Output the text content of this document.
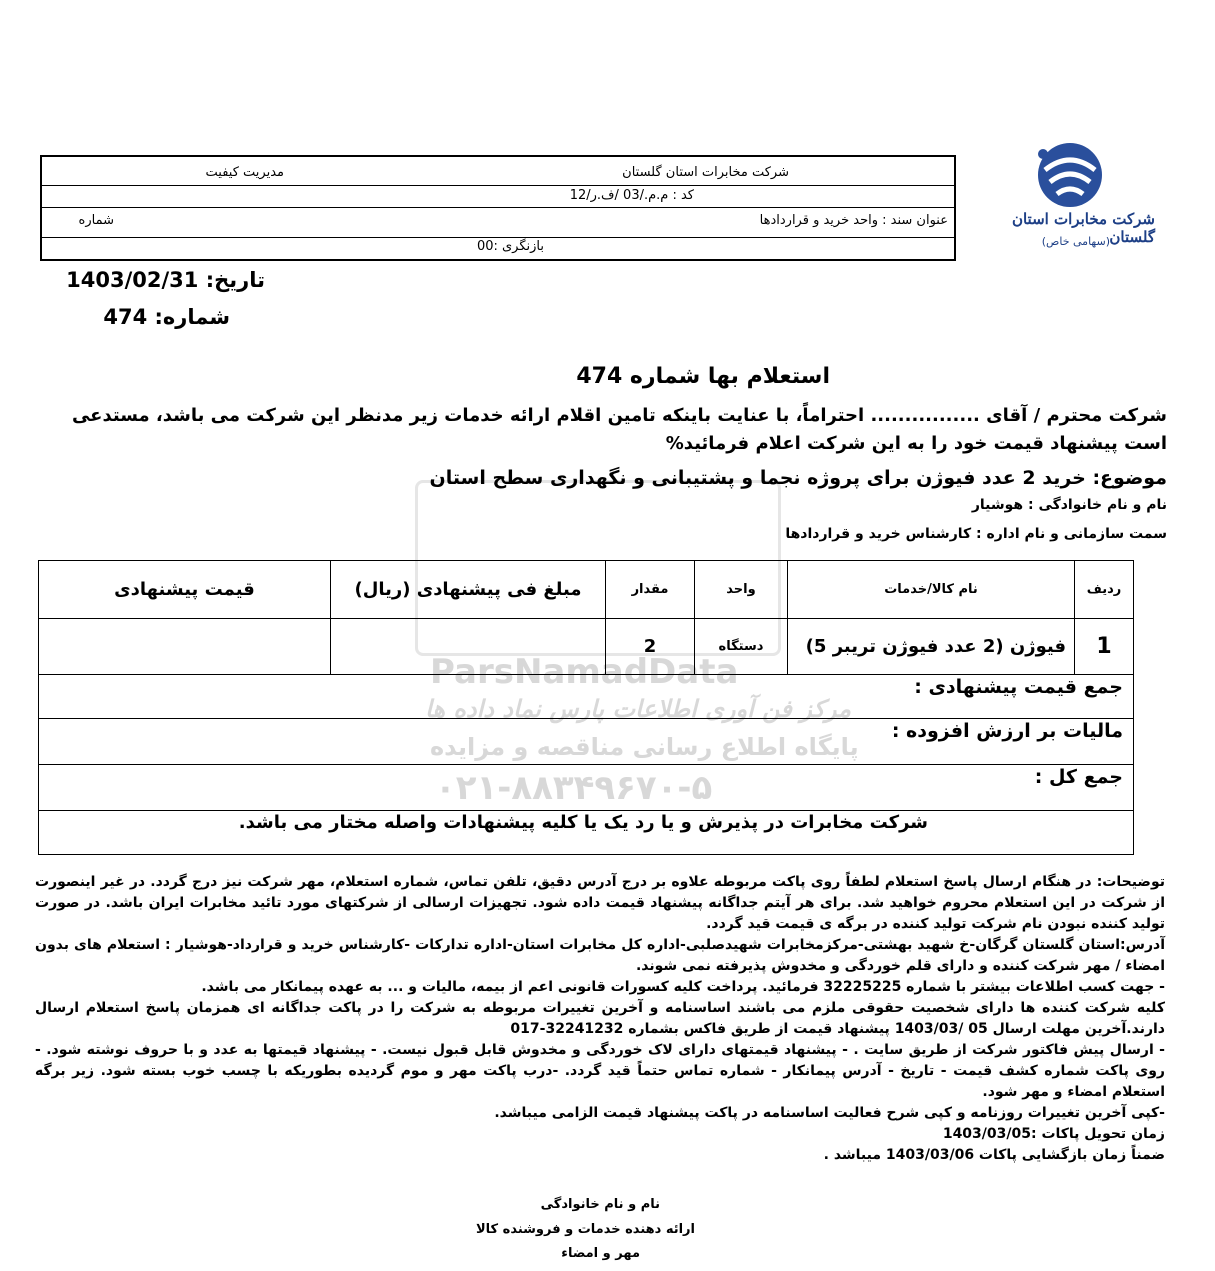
شرکت مخابرات استان گلستان
مدیریت کیفیت
کد : م.م./03 /ف.ر/12
عنوان سند : واحد خرید و قراردادها
شماره
بازنگری :00
شرکت مخابرات استان گلستان
(سهامی خاص)
تاریخ: 1403/02/31
شماره: 474
ParsNamadData
مرکز فن آوری اطلاعات پارس نماد داده ها
پایگاه اطلاع رسانی مناقصه و مزایده
۰۲۱-۸۸۳۴۹۶۷۰-۵
استعلام بها شماره 474
شرکت محترم / آقای ................ احتراماً، با عنایت باینکه تامین اقلام ارائه خدمات زیر مدنظر این شرکت می باشد، مستدعی است پیشنهاد قیمت خود را به این شرکت اعلام فرمائید%
موضوع: خرید 2 عدد فیوژن برای پروژه نجما و پشتیبانی و نگهداری سطح استان
نام و نام خانوادگی : هوشیار
سمت سازمانی و نام اداره : کارشناس خرید و قراردادها
ردیف	نام کالا/خدمات	واحد	مقدار	مبلغ فی پیشنهادی (ریال)	قیمت پیشنهادی
1	فیوژن (2 عدد فیوژن تریبر 5)	دستگاه	2		
جمع قیمت پیشنهادی :					
مالیات بر ارزش افزوده :					
جمع کل :					
شرکت مخابرات در پذیرش و یا رد یک یا کلیه پیشنهادات واصله مختار می باشد.					
توضیحات: در هنگام ارسال پاسخ استعلام لطفاً روی پاکت مربوطه علاوه بر درج آدرس دقیق، تلفن تماس، شماره استعلام، مهر شرکت نیز درج گردد. در غیر اینصورت از شرکت در این استعلام محروم خواهید شد. برای هر آیتم جداگانه پیشنهاد قیمت داده شود. تجهیزات ارسالی از شرکتهای مورد تائید مخابرات ایران باشد. در صورت تولید کننده نبودن نام شرکت تولید کننده در برگه ی قیمت قید گردد.
آدرس:استان گلستان گرگان-خ شهید بهشتی-مرکزمخابرات شهیدصلبی-اداره کل مخابرات استان-اداره تدارکات -کارشناس خرید و قرارداد-هوشیار : استعلام های بدون امضاء / مهر شرکت کننده و دارای قلم خوردگی و مخدوش پذیرفته نمی شوند.
- جهت کسب اطلاعات بیشتر با شماره 32225225 فرمائید. پرداخت کلیه کسورات قانونی اعم از بیمه، مالیات و ... به عهده پیمانکار می باشد.
کلیه شرکت کننده ها دارای شخصیت حقوقی ملزم می باشند اساسنامه و آخرین تغییرات مربوطه به شرکت را در پاکت جداگانه ای همزمان پاسخ استعلام ارسال دارند.آخرین مهلت ارسال 05 /1403/03 پیشنهاد قیمت از طریق فاکس بشماره 32241232-017
- ارسال پیش فاکتور شرکت از طریق سایت . - پیشنهاد قیمتهای دارای لاک خوردگی و مخدوش قابل قبول نیست. - پیشنهاد قیمتها به عدد و با حروف نوشته شود. - روی پاکت شماره کشف قیمت - تاریخ - آدرس پیمانکار - شماره تماس حتماً قید گردد. -درب پاکت مهر و موم گردیده بطوریکه با چسب خوب بسته شود. زیر برگه استعلام امضاء و مهر شود.
-کپی آخرین تغییرات روزنامه و کپی شرح فعالیت اساسنامه در پاکت پیشنهاد قیمت الزامی میباشد.
زمان تحویل پاکات :1403/03/05
ضمناً زمان بازگشایی پاکات 1403/03/06 میباشد .
نام و نام خانوادگی
ارائه دهنده خدمات و فروشنده کالا
مهر و امضاء
